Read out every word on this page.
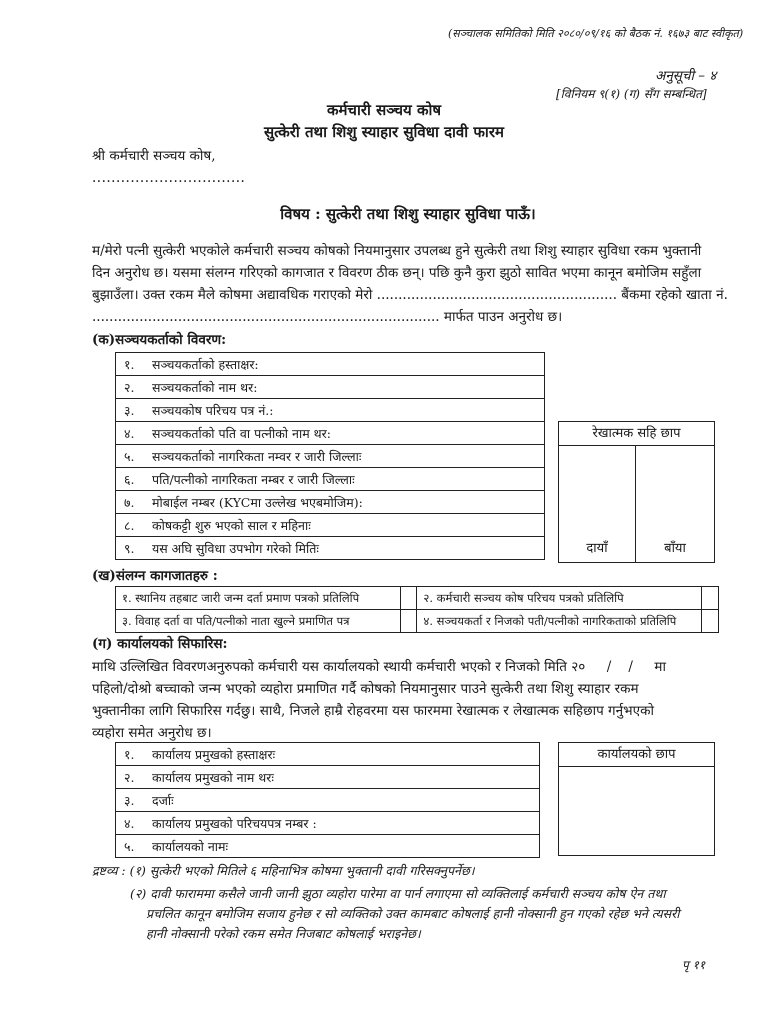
(सञ्चालक समितिको मिति २०८०/०९/१६ को बैठक नं. १६७३ बाट स्वीकृत)
अनुसूची – ४
[विनियम ९(१) (ग) सँग सम्बन्धित]
कर्मचारी सञ्चय कोष
सुत्केरी तथा शिशु स्याहार सुविधा दावी फारम
श्री कर्मचारी सञ्चय कोष,
................................
विषय : सुत्केरी तथा शिशु स्याहार सुविधा पाऊँ।
म/मेरो पत्नी सुत्केरी भएकोले कर्मचारी सञ्चय कोषको नियमानुसार उपलब्ध हुने सुत्केरी तथा शिशु स्याहार सुविधा रकम भुक्तानी
दिन अनुरोध छ। यसमा संलग्न गरिएको कागजात र विवरण ठीक छन्। पछि कुनै कुरा झुठो सावित भएमा कानून बमोजिम सहुँला
बुझाउँला। उक्त रकम मैले कोषमा अद्यावधिक गराएको मेरो ........................................................ बैंकमा रहेको खाता नं.
................................................................................. मार्फत पाउन अनुरोध छ।
(क)सञ्चयकर्ताको विवरण:
१. सञ्चयकर्ताको हस्ताक्षर:
२. सञ्चयकर्ताको नाम थर:
३. सञ्चयकोष परिचय पत्र नं.:
४. सञ्चयकर्ताको पति वा पत्नीको नाम थर:
५. सञ्चयकर्ताको नागरिकता नम्वर र जारी जिल्लाः
६. पति/पत्नीको नागरिकता नम्बर र जारी जिल्लाः
७. मोबाईल नम्बर (KYCमा उल्लेख भएबमोजिम):
८. कोषकट्टी शुरु भएको साल र महिनाः
९. यस अघि सुविधा उपभोग गरेको मितिः
रेखात्मक सहि छाप
दायाँ	बाँया
(ख)संलग्न कागजातहरु :
१. स्थानिय तहबाट जारी जन्म दर्ता प्रमाण पत्रको प्रतिलिपि		२. कर्मचारी सञ्चय कोष परिचय पत्रको प्रतिलिपि	
३. विवाह दर्ता वा पति/पत्नीको नाता खुल्ने प्रमाणित पत्र		४. सञ्चयकर्ता र निजको पती/पत्नीको नागरिकताको प्रतिलिपि	
(ग) कार्यालयको सिफारिस:
माथि उल्लिखित विवरणअनुरुपको कर्मचारी यस कार्यालयको स्थायी कर्मचारी भएको र निजको मिति २०     /    /     मा
पहिलो/दोश्रो बच्चाको जन्म भएको व्यहोरा प्रमाणित गर्दै कोषको नियमानुसार पाउने सुत्केरी तथा शिशु स्याहार रकम
भुक्तानीका लागि सिफारिस गर्दछु। साथै, निजले हाम्रै रोहवरमा यस फारममा रेखात्मक र लेखात्मक सहिछाप गर्नुभएको
व्यहोरा समेत अनुरोध छ।
१. कार्यालय प्रमुखको हस्ताक्षरः
२. कार्यालय प्रमुखको नाम थरः
३. दर्जाः
४. कार्यालय प्रमुखको परिचयपत्र नम्बर :
५. कार्यालयको नामः
कार्यालयको छाप
द्रष्टव्य : (१) सुत्केरी भएको मितिले ६ महिनाभित्र कोषमा भुक्तानी दावी गरिसक्नुपर्नेछ।
(२) दावी फाराममा कसैले जानी जानी झुठा व्यहोरा पारेमा वा पार्न लगाएमा सो व्यक्तिलाई कर्मचारी सञ्चय कोष ऐन तथा
प्रचलित कानून बमोजिम सजाय हुनेछ र सो व्यक्तिको उक्त कामबाट कोषलाई हानी नोक्सानी हुन गएको रहेछ भने त्यसरी
हानी नोक्सानी परेको रकम समेत निजबाट कोषलाई भराइनेछ।
पृ ११
